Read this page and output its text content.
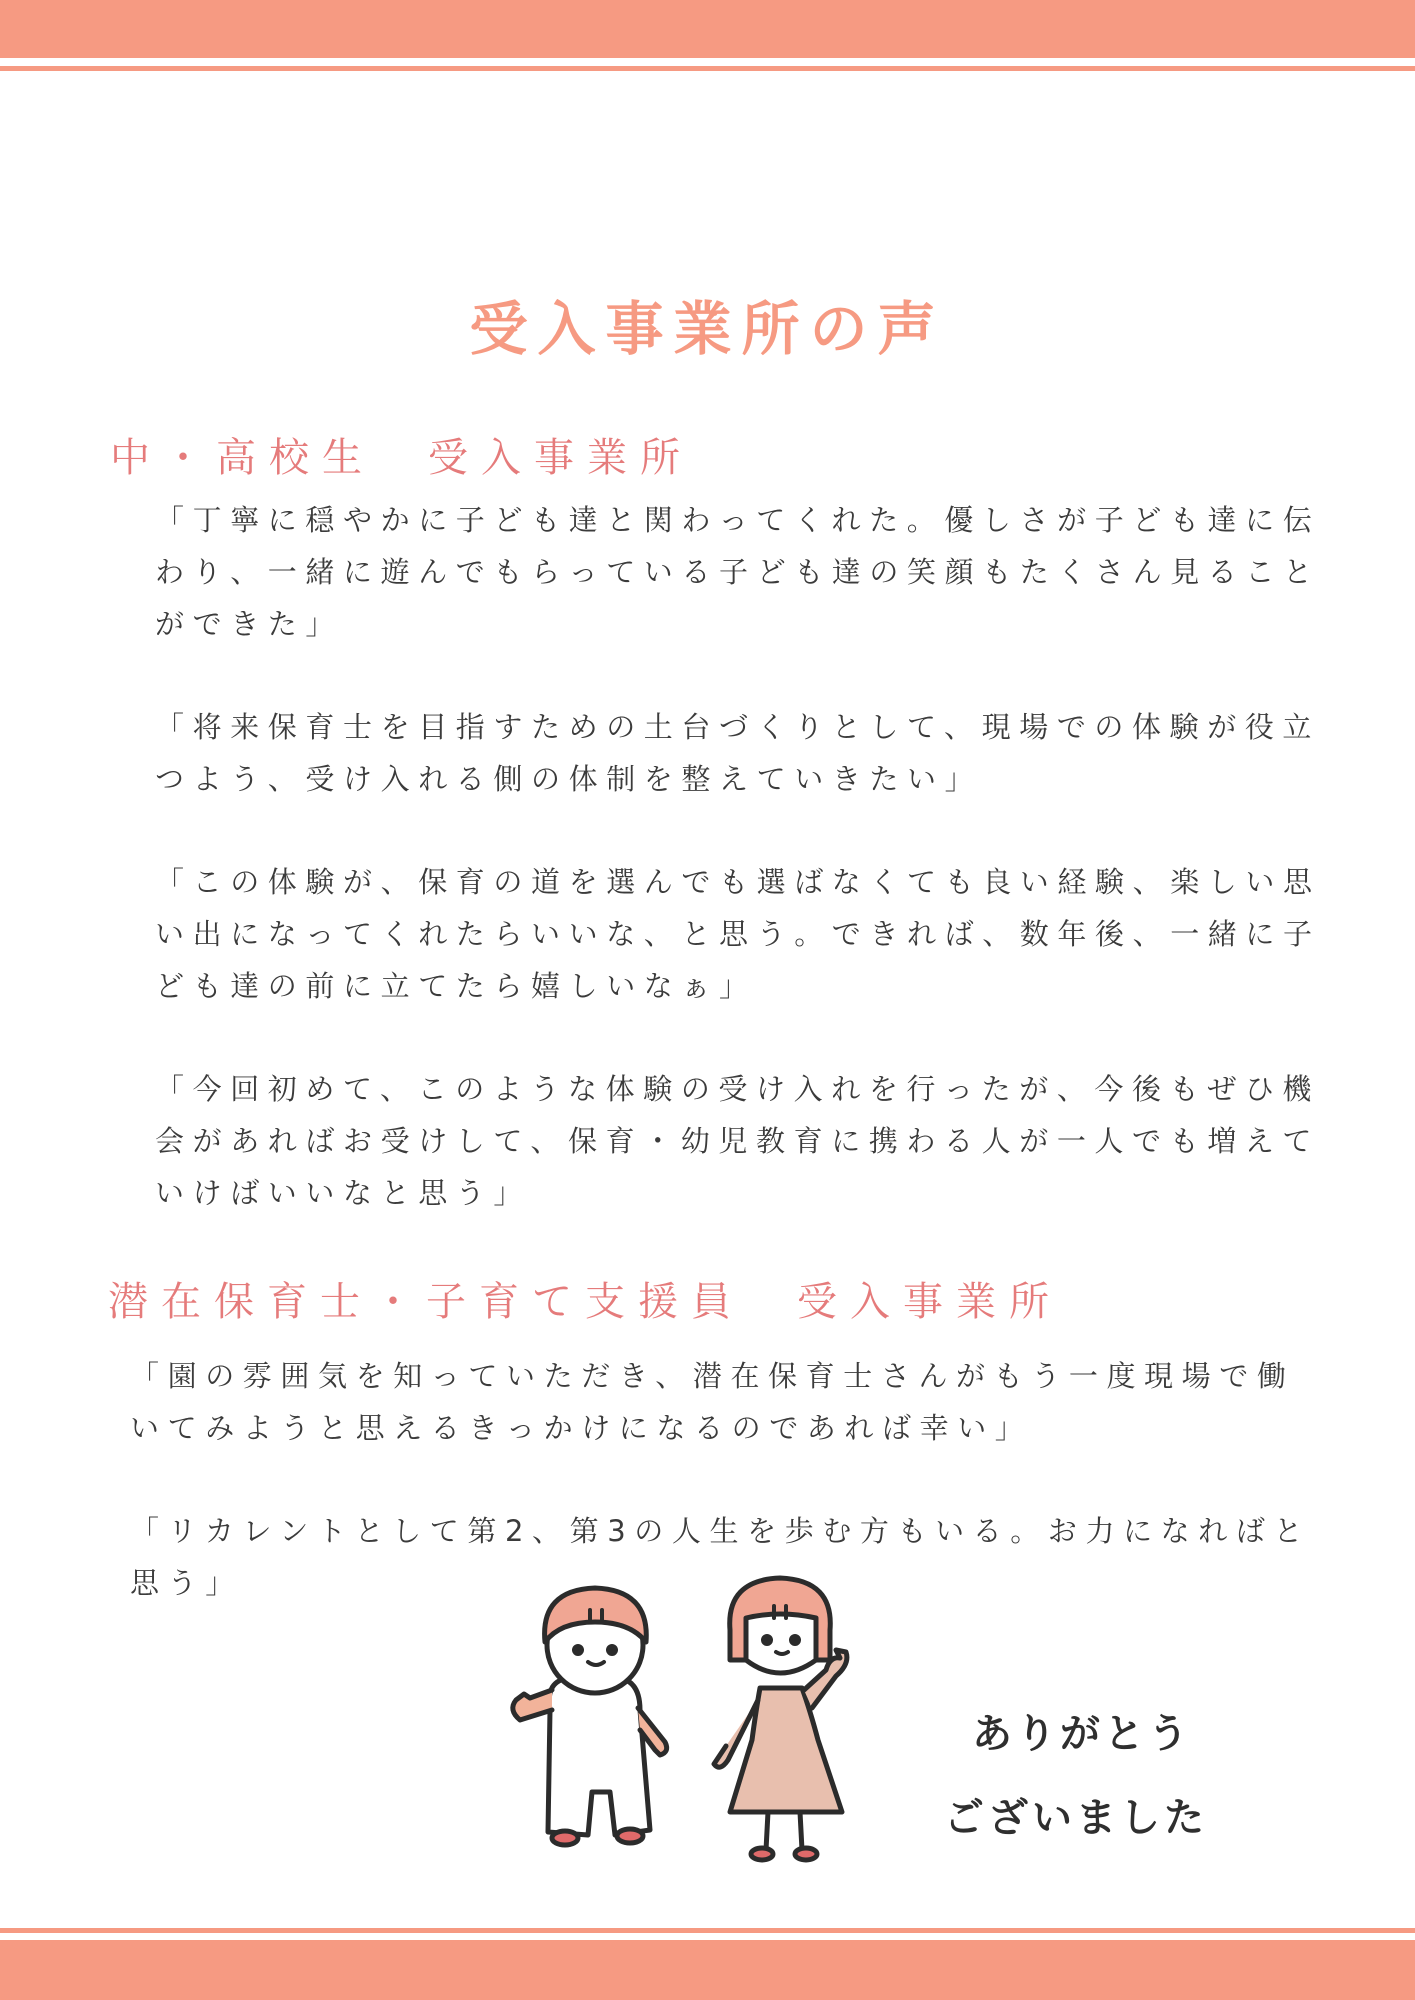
受入事業所の声
中・高校生　受入事業所

「丁寧に穏やかに子ども達と関わってくれた。優しさが子ども達に伝わり、一緒に遊んでもらっている子ども達の笑顔もたくさん見ることができた」

「将来保育士を目指すための土台づくりとして、現場での体験が役立つよう、受け入れる側の体制を整えていきたい」

「この体験が、保育の道を選んでも選ばなくても良い経験、楽しい思い出になってくれたらいいな、と思う。できれば、数年後、一緒に子ども達の前に立てたら嬉しいなぁ」

「今回初めて、このような体験の受け入れを行ったが、今後もぜひ機会があればお受けして、保育・幼児教育に携わる人が一人でも増えていけばいいなと思う」

潜在保育士・子育て支援員　受入事業所

「園の雰囲気を知っていただき、潜在保育士さんがもう一度現場で働いてみようと思えるきっかけになるのであれば幸い」

「リカレントとして第2、第3の人生を歩む方もいる。お力になればと思う」

ありがとう
ございました
